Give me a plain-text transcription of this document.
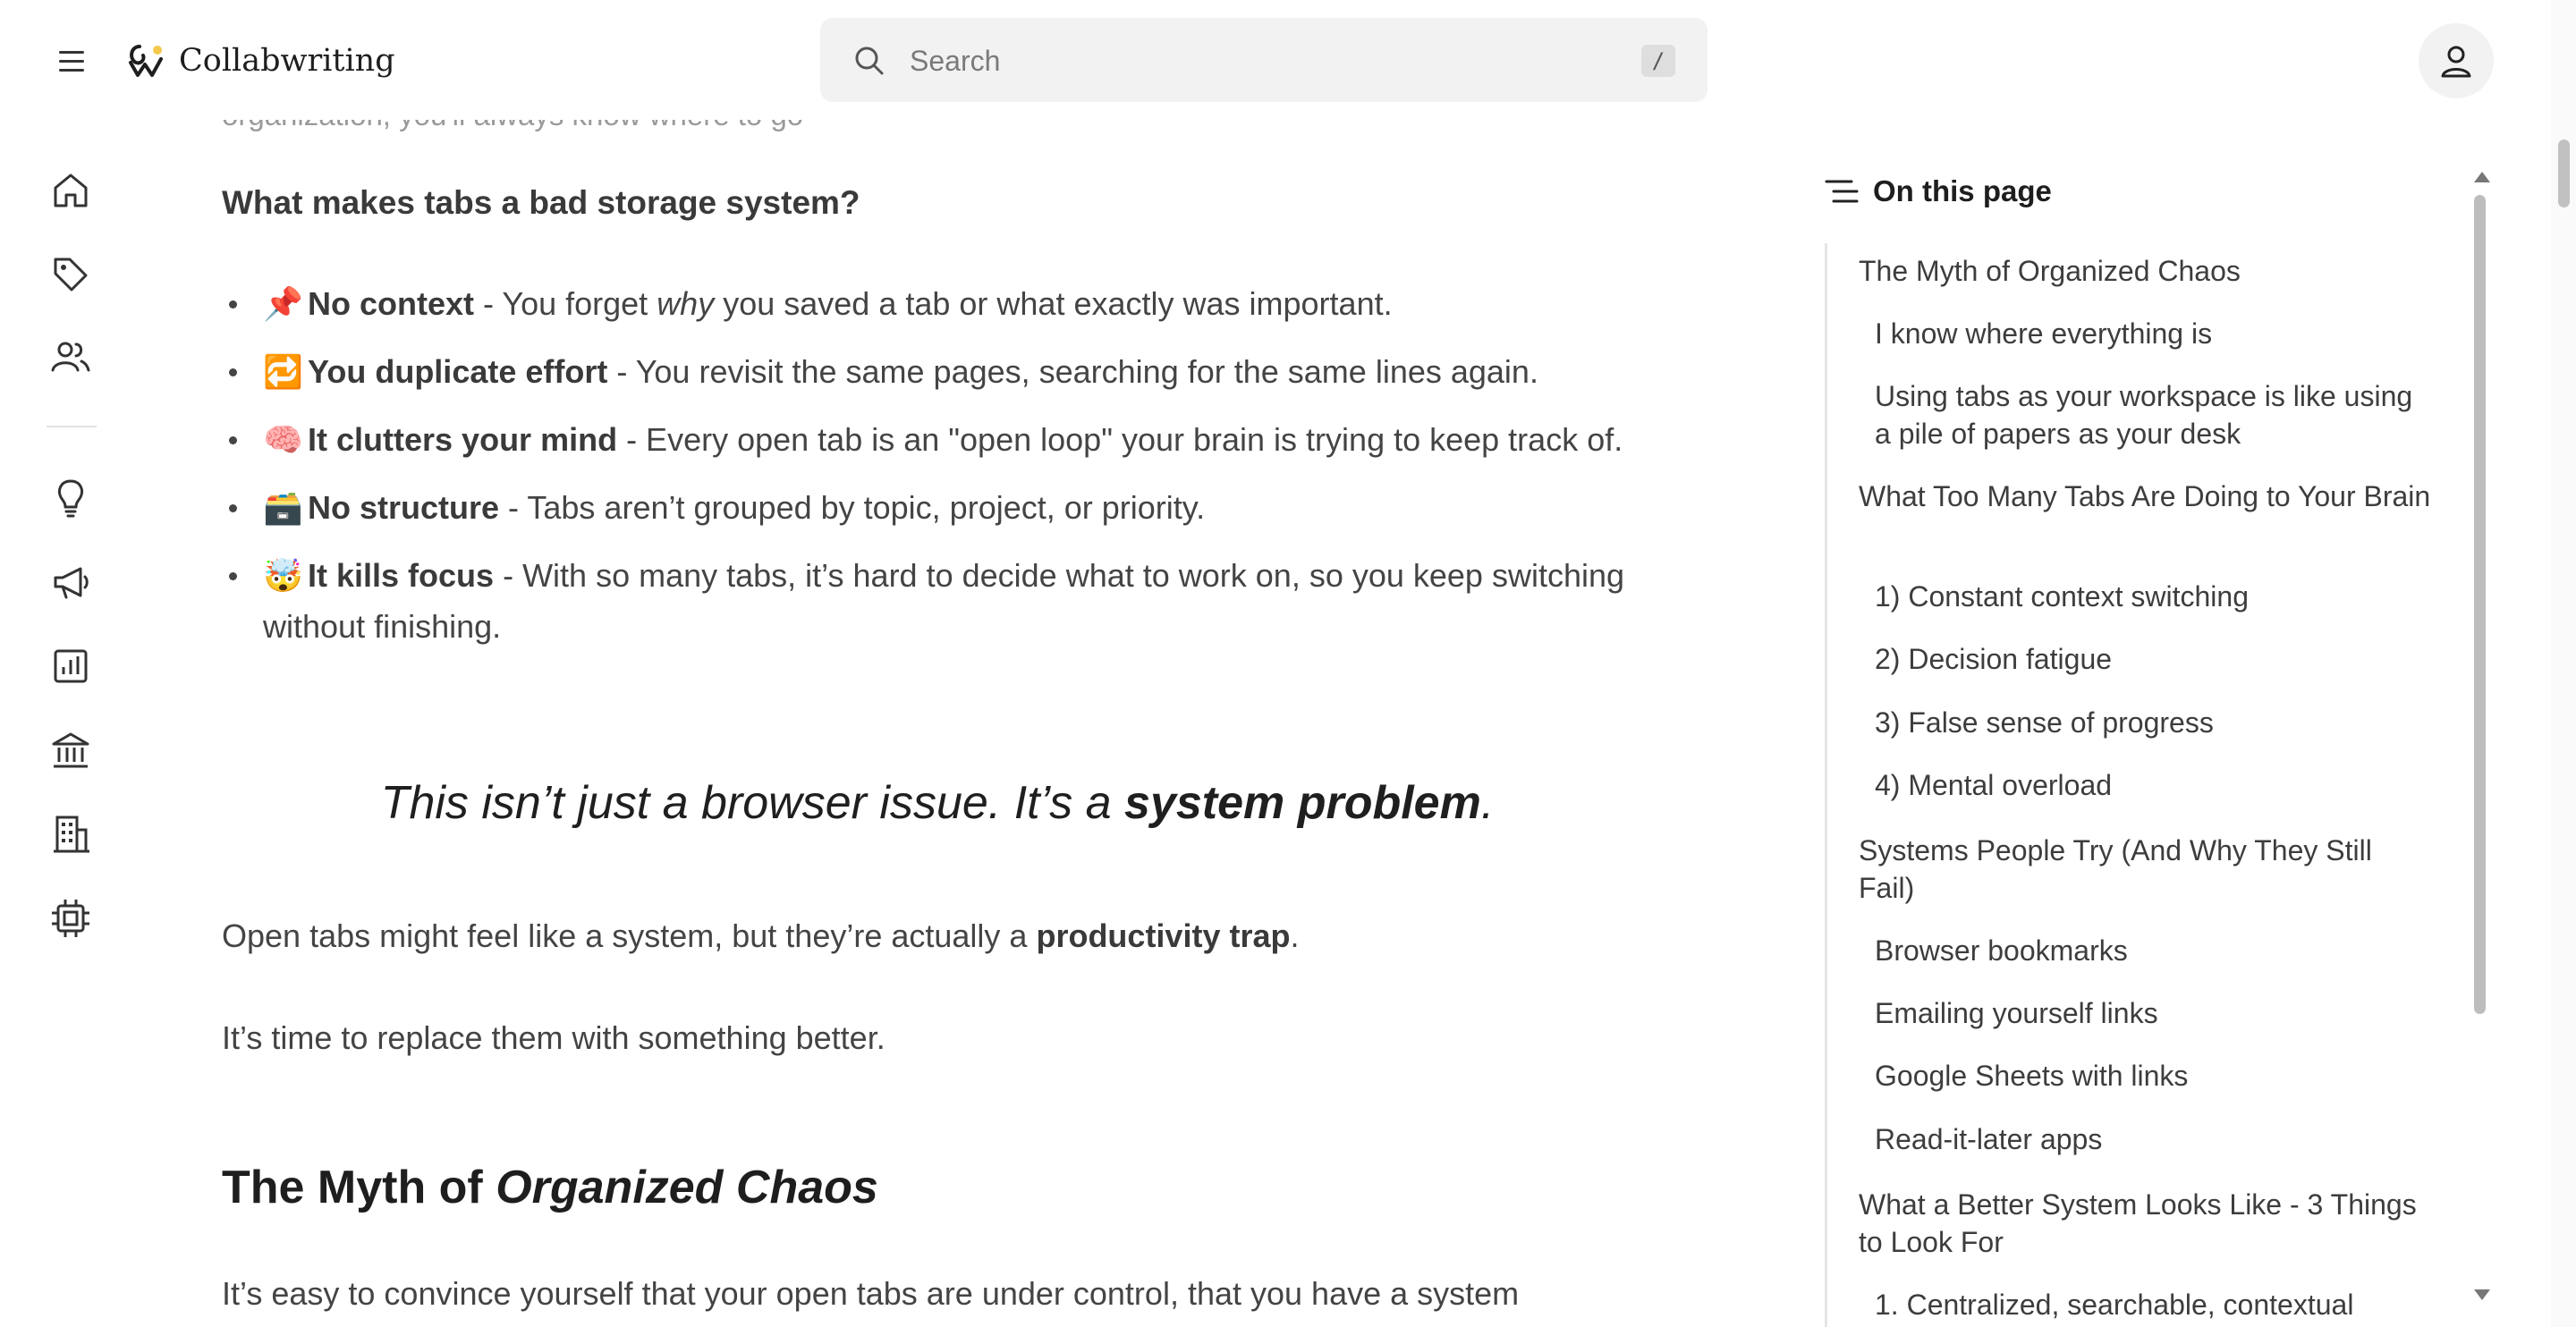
Collabwriting
Search	/
What makes tabs a bad storage system?
📌 No context - You forget why you saved a tab or what exactly was important.
🔁 You duplicate effort - You revisit the same pages, searching for the same lines again.
🧠 It clutters your mind - Every open tab is an "open loop" your brain is trying to keep track of.
🗃️ No structure - Tabs aren’t grouped by topic, project, or priority.
🤯 It kills focus - With so many tabs, it’s hard to decide what to work on, so you keep switching without finishing.
This isn’t just a browser issue. It’s a system problem.
Open tabs might feel like a system, but they’re actually a productivity trap.
It’s time to replace them with something better.
The Myth of Organized Chaos
It’s easy to convince yourself that your open tabs are under control, that you have a system
On this page
The Myth of Organized Chaos
I know where everything is
Using tabs as your workspace is like using a pile of papers as your desk
What Too Many Tabs Are Doing to Your Brain
1) Constant context switching
2) Decision fatigue
3) False sense of progress
4) Mental overload
Systems People Try (And Why They Still Fail)
Browser bookmarks
Emailing yourself links
Google Sheets with links
Read-it-later apps
What a Better System Looks Like - 3 Things to Look For
1. Centralized, searchable, contextual
